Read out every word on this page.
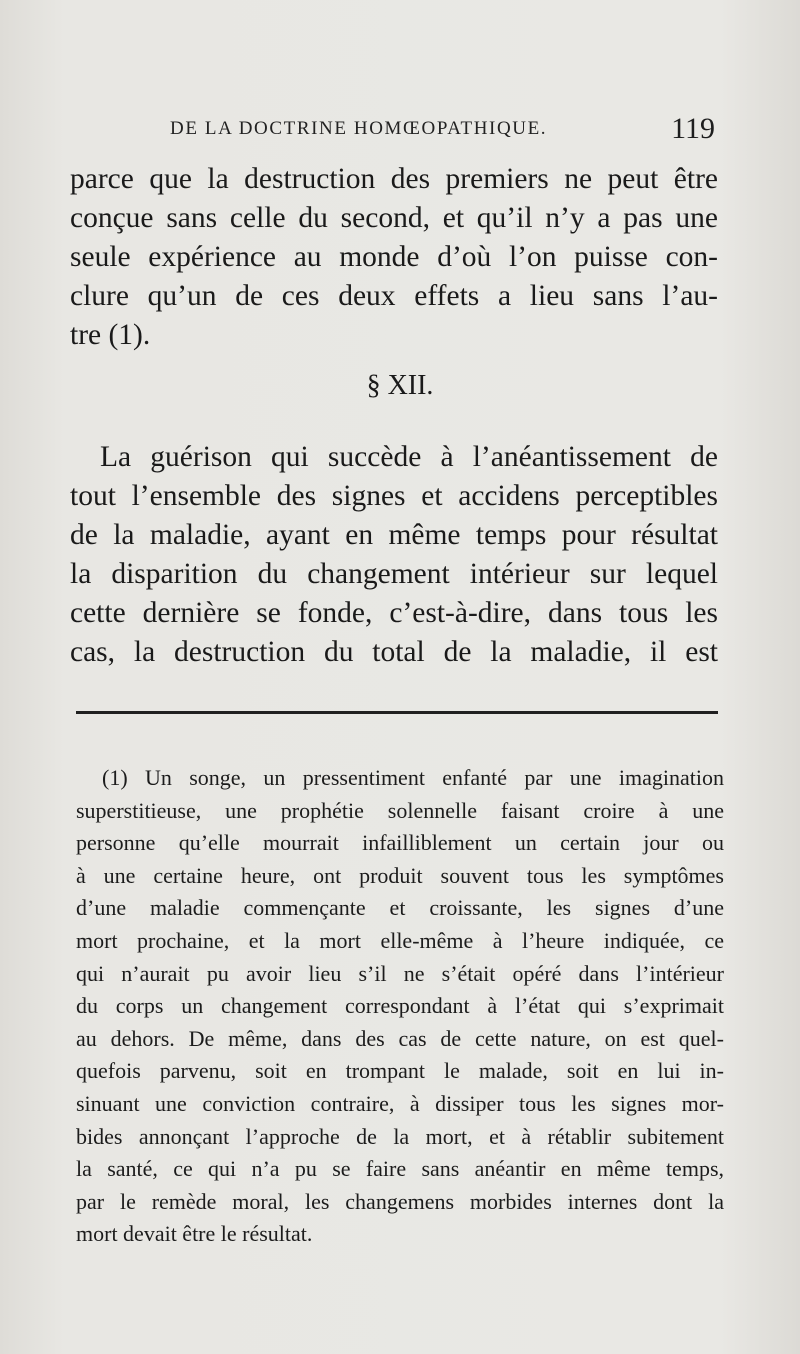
DE LA DOCTRINE HOMŒOPATHIQUE.	119
parce que la destruction des premiers ne peut être
conçue sans celle du second, et qu’il n’y a pas une
seule expérience au monde d’où l’on puisse con-
clure qu’un de ces deux effets a lieu sans l’au-
tre (1).
§ XII.
La guérison qui succède à l’anéantissement de
tout l’ensemble des signes et accidens perceptibles
de la maladie, ayant en même temps pour résultat
la disparition du changement intérieur sur lequel
cette dernière se fonde, c’est-à-dire, dans tous les
cas, la destruction du total de la maladie, il est
(1) Un songe, un pressentiment enfanté par une imagination
superstitieuse, une prophétie solennelle faisant croire à une
personne qu’elle mourrait infailliblement un certain jour ou
à une certaine heure, ont produit souvent tous les symptômes
d’une maladie commençante et croissante, les signes d’une
mort prochaine, et la mort elle-même à l’heure indiquée, ce
qui n’aurait pu avoir lieu s’il ne s’était opéré dans l’intérieur
du corps un changement correspondant à l’état qui s’exprimait
au dehors. De même, dans des cas de cette nature, on est quel-
quefois parvenu, soit en trompant le malade, soit en lui in-
sinuant une conviction contraire, à dissiper tous les signes mor-
bides annonçant l’approche de la mort, et à rétablir subitement
la santé, ce qui n’a pu se faire sans anéantir en même temps,
par le remède moral, les changemens morbides internes dont la
mort devait être le résultat.
